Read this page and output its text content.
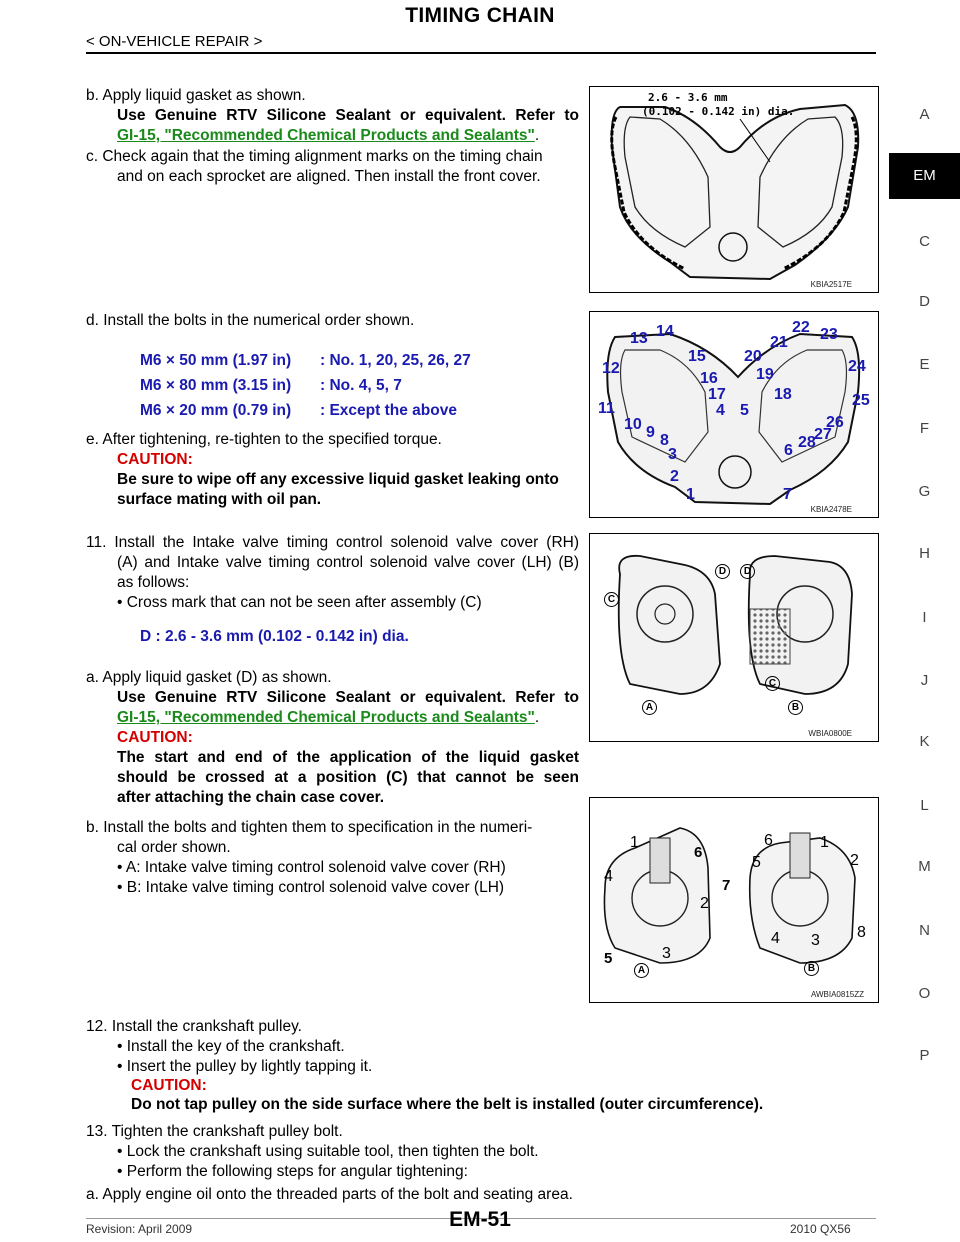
TIMING CHAIN
< ON-VEHICLE REPAIR >
A
EM
C
D
E
F
G
H
I
J
K
L
M
N
O
P
b. Apply liquid gasket as shown.
Use Genuine RTV Silicone Sealant or equivalent. Refer to
GI-15, "Recommended Chemical Products and Sealants".
c. Check again that the timing alignment marks on the timing chain
and on each sprocket are aligned. Then install the front cover.
d. Install the bolts in the numerical order shown.
M6 × 50 mm (1.97 in) : No. 1, 20, 25, 26, 27
M6 × 80 mm (3.15 in) : No. 4, 5, 7
M6 × 20 mm (0.79 in) : Except the above
e. After tightening, re-tighten to the specified torque.
CAUTION:
Be sure to wipe off any excessive liquid gasket leaking onto
surface mating with oil pan.
11. Install the Intake valve timing control solenoid valve cover (RH)
(A) and Intake valve timing control solenoid valve cover (LH) (B)
as follows:
• Cross mark that can not be seen after assembly (C)
D : 2.6 - 3.6 mm (0.102 - 0.142 in) dia.
a. Apply liquid gasket (D) as shown.
Use Genuine RTV Silicone Sealant or equivalent. Refer to
GI-15, "Recommended Chemical Products and Sealants".
CAUTION:
The start and end of the application of the liquid gasket
should be crossed at a position (C) that cannot be seen
after attaching the chain case cover.
b. Install the bolts and tighten them to specification in the numeri-
cal order shown.
• A: Intake valve timing control solenoid valve cover (RH)
• B: Intake valve timing control solenoid valve cover (LH)
12. Install the crankshaft pulley.
• Install the key of the crankshaft.
• Insert the pulley by lightly tapping it.
CAUTION:
Do not tap pulley on the side surface where the belt is installed (outer circumference).
13. Tighten the crankshaft pulley bolt.
• Lock the crankshaft using suitable tool, then tighten the bolt.
• Perform the following steps for angular tightening:
a. Apply engine oil onto the threaded parts of the bolt and seating area.
2.6 - 3.6 mm
(0.102 - 0.142 in) dia.
KBIA2517E
KBIA2478E
1
2
3
4 5
6
7
8
9
10
11
12
13 14
15
16
17	18
19
20
21
22 23
24
25
26
27
28
C
D	D
C
A	B
WBIA0800E
1
6
4
2
3
5
6	1
5	2
7
4 3 8
A	B
AWBIA0815ZZ
EM-51
Revision: April 2009	2010 QX56
